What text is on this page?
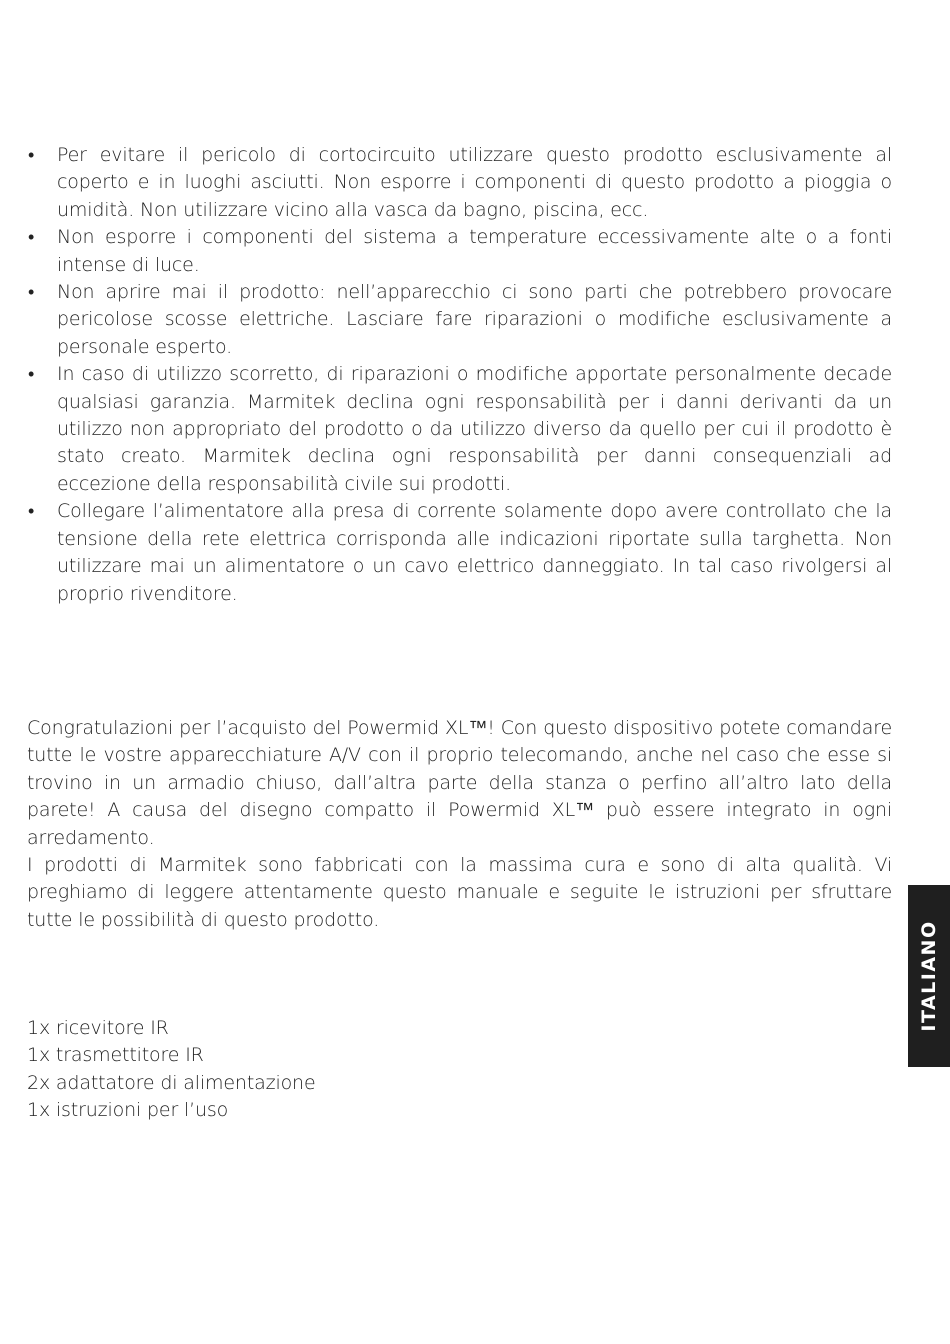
• Per evitare il pericolo di cortocircuito utilizzare questo prodotto esclusivamente al coperto e in luoghi asciutti. Non esporre i componenti di questo prodotto a pioggia o umidità. Non utilizzare vicino alla vasca da bagno, piscina, ecc.
• Non esporre i componenti del sistema a temperature eccessivamente alte o a fonti intense di luce.
• Non aprire mai il prodotto: nell’apparecchio ci sono parti che potrebbero provocare pericolose scosse elettriche. Lasciare fare riparazioni o modifiche esclusivamente a personale esperto.
• In caso di utilizzo scorretto, di riparazioni o modifiche apportate personalmente decade qualsiasi garanzia. Marmitek declina ogni responsabilità per i danni derivanti da un utilizzo non appropriato del prodotto o da utilizzo diverso da quello per cui il prodotto è stato creato. Marmitek declina ogni responsabilità per danni consequenziali ad eccezione della responsabilità civile sui prodotti.
• Collegare l’alimentatore alla presa di corrente solamente dopo avere controllato che la tensione della rete elettrica corrisponda alle indicazioni riportate sulla targhetta. Non utilizzare mai un alimentatore o un cavo elettrico danneggiato. In tal caso rivolgersi al proprio rivenditore.

Congratulazioni per l’acquisto del Powermid XL™! Con questo dispositivo potete comandare tutte le vostre apparecchiature A/V con il proprio telecomando, anche nel caso che esse si trovino in un armadio chiuso, dall’altra parte della stanza o perfino all’altro lato della parete! A causa del disegno compatto il Powermid XL™ può essere integrato in ogni arredamento.

I prodotti di Marmitek sono fabbricati con la massima cura e sono di alta qualità. Vi preghiamo di leggere attentamente questo manuale e seguite le istruzioni per sfruttare tutte le possibilità di questo prodotto.

1x ricevitore IR
1x trasmettitore IR
2x adattatore di alimentazione
1x istruzioni per l’uso
ITALIANO
